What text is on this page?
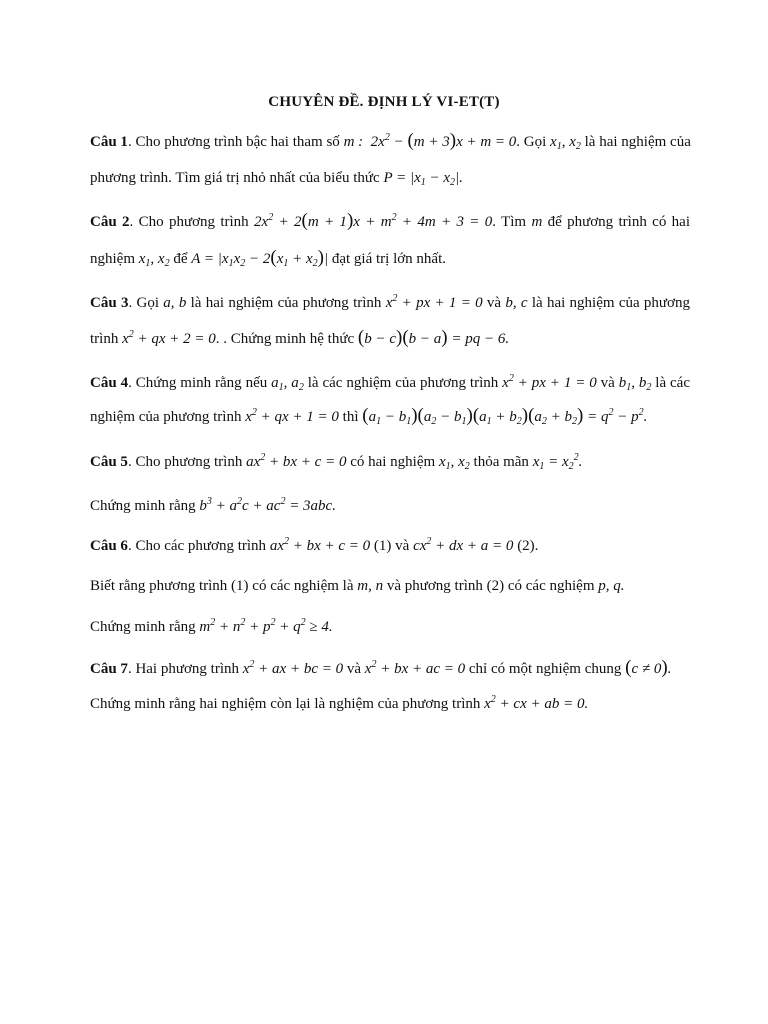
CHUYÊN ĐỀ. ĐỊNH LÝ VI-ET(T)
Câu 1. Cho phương trình bậc hai tham số m :  $2x^2 - (m + 3)x + m = 0$. Gọi $x_1$, $x_2$ là hai nghiệm của
phương trình. Tìm giá trị nhỏ nhất của biểu thức $P = |x_1 - x_2|$.
Câu 2. Cho phương trình $2x^2 + 2(m + 1)x + m^2 + 4m + 3 = 0$. Tìm m để phương trình có hai
nghiệm $x_1$, $x_2$ để $A = |x_1x_2 - 2(x_1 + x_2)|$ đạt giá trị lớn nhất.
Câu 3. Gọi a, b là hai nghiệm của phương trình $x^2$ + px + 1 = 0 và b, c là hai nghiệm của phương
trình $x^2$ + qx + 2 = 0. . Chứng minh hệ thức (b − c)(b − a) = pq − 6.
Câu 4. Chứng minh rằng nếu $a_1$, $a_2$ là các nghiệm của phương trình $x^2$ + px + 1 = 0 và $b_1$, $b_2$ là các
nghiệm của phương trình $x^2$ + qx + 1 = 0 thì $(a_1 - b_1)(a_2 - b_1)(a_1 + b_2)(a_2 + b_2) = q^2 - p^2$.
Câu 5. Cho phương trình $ax^2$ + bx + c = 0 có hai nghiệm $x_1$, $x_2$ thỏa mãn $x_1 = x_2^2$.
Chứng minh rằng $b^3 + a^2c + ac^2 = 3abc$.
Câu 6. Cho các phương trình $ax^2$ + bx + c = 0 (1) và $cx^2$ + dx + a = 0 (2).
Biết rằng phương trình (1) có các nghiệm là m, n và phương trình (2) có các nghiệm p, q.
Chứng minh rằng $m^2 + n^2 + p^2 + q^2 \ge 4$.
Câu 7. Hai phương trình $x^2$ + ax + bc = 0 và $x^2$ + bx + ac = 0 chỉ có một nghiệm chung (c ≠ 0).
Chứng minh rằng hai nghiệm còn lại là nghiệm của phương trình $x^2$ + cx + ab = 0.
